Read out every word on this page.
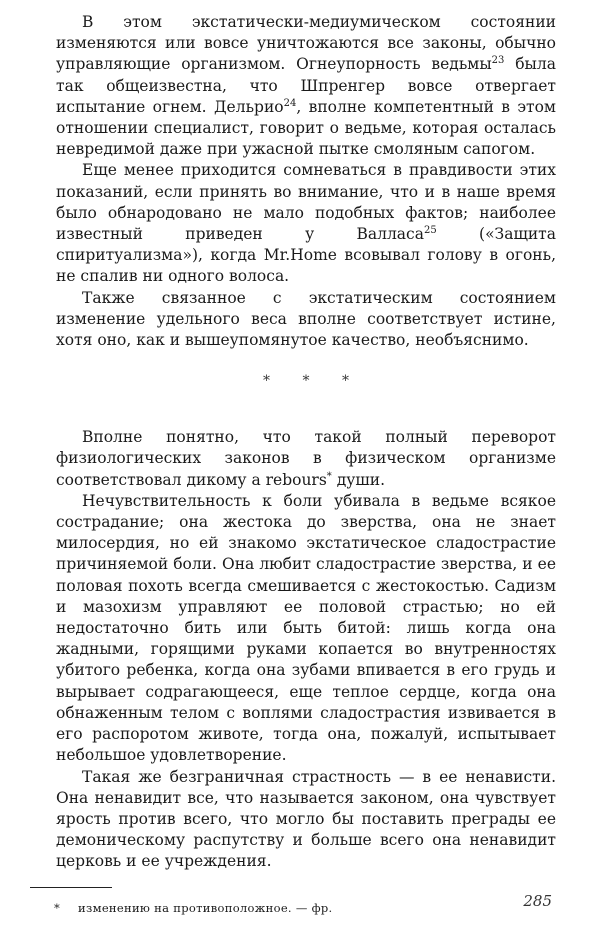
В этом экстатически-медиумическом состоянии изменяются или вовсе уничтожаются все законы, обычно управляющие организмом. Огнеупорность ведьмы$^{23}$ была так общеизвестна, что Шпренгер вовсе отвергает испытание огнем. Дельрио$^{24}$, вполне компетентный в этом отношении специалист, говорит о ведьме, которая осталась невредимой даже при ужасной пытке смоляным сапогом.

Еще менее приходится сомневаться в правдивости этих показаний, если принять во внимание, что и в наше время было обнародовано не мало подобных фактов; наиболее известный приведен у Валласа$^{25}$ («Защита спиритуализма»), когда Mr.Home всовывал голову в огонь, не спалив ни одного волоса.

Также связанное с экстатическим состоянием изменение удельного веса вполне соответствует истине, хотя оно, как и вышеупомянутое качество, необъяснимо.

* * *

Вполне понятно, что такой полный переворот физиологических законов в физическом организме соответствовал дикому a rebours* души.

Нечувствительность к боли убивала в ведьме всякое сострадание; она жестока до зверства, она не знает милосердия, но ей знакомо экстатическое сладострастие причиняемой боли. Она любит сладострастие зверства, и ее половая похоть всегда смешивается с жестокостью. Садизм и мазохизм управляют ее половой страстью; но ей недостаточно бить или быть битой: лишь когда она жадными, горящими руками копается во внутренностях убитого ребенка, когда она зубами впивается в его грудь и вырывает содрагающееся, еще теплое сердце, когда она обнаженным телом с воплями сладострастия извивается в его распоротом животе, тогда она, пожалуй, испытывает небольшое удовлетворение.

Такая же безграничная страстность — в ее ненависти. Она ненавидит все, что называется законом, она чувствует ярость против всего, что могло бы поставить преграды ее демоническому распутству и больше всего она ненавидит церковь и ее учреждения.

* изменению на противоположное. — фр.	285
